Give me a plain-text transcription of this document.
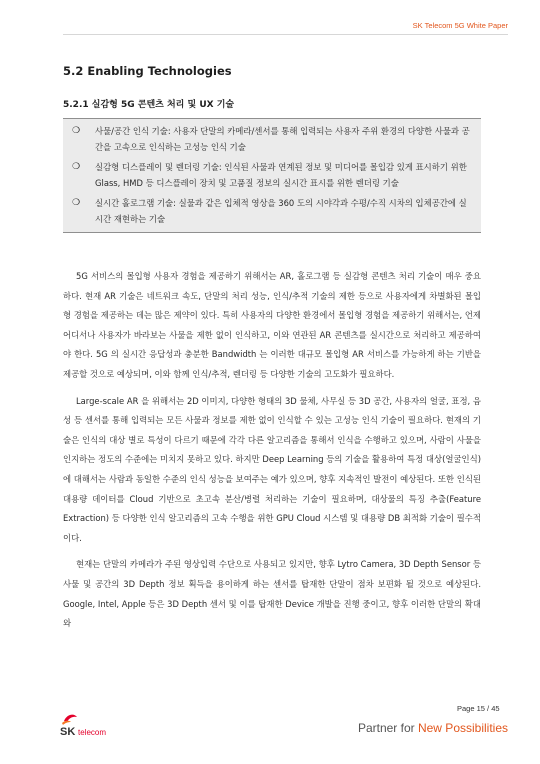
SK Telecom 5G White Paper
5.2 Enabling Technologies
5.2.1 실감형 5G 콘텐츠 처리 및 UX 기술
❍ 사물/공간 인식 기술: 사용자 단말의 카메라/센서를 통해 입력되는 사용자 주위 환경의 다양한 사물과 공간을 고속으로 인식하는 고성능 인식 기술
❍ 실감형 디스플레이 및 렌더링 기술: 인식된 사물과 연계된 정보 및 미디어를 몰입감 있게 표시하기 위한 Glass, HMD 등 디스플레이 장치 및 고품질 정보의 실시간 표시를 위한 렌더링 기술
❍ 실시간 홀로그램 기술: 실물과 같은 입체적 영상을 360 도의 시야각과 수평/수직 시차의 입체공간에 실시간 재현하는 기술

5G 서비스의 몰입형 사용자 경험을 제공하기 위해서는 AR, 홀로그램 등 실감형 콘텐츠 처리 기술이 매우 중요하다. 현재 AR 기술은 네트워크 속도, 단말의 처리 성능, 인식/추적 기술의 제한 등으로 사용자에게 차별화된 몰입형 경험을 제공하는 데는 많은 제약이 있다. 특히 사용자의 다양한 환경에서 몰입형 경험을 제공하기 위해서는, 언제 어디서나 사용자가 바라보는 사물을 제한 없이 인식하고, 이와 연관된 AR 콘텐츠를 실시간으로 처리하고 제공하여야 한다. 5G 의 실시간 응답성과 충분한 Bandwidth 는 이러한 대규모 몰입형 AR 서비스를 가능하게 하는 기반을 제공할 것으로 예상되며, 이와 함께 인식/추적, 렌더링 등 다양한 기술의 고도화가 필요하다.

Large-scale AR 을 위해서는 2D 이미지, 다양한 형태의 3D 물체, 사무실 등 3D 공간, 사용자의 얼굴, 표정, 음성 등 센서를 통해 입력되는 모든 사물과 정보를 제한 없이 인식할 수 있는 고성능 인식 기술이 필요하다. 현재의 기술은 인식의 대상 별로 특성이 다르기 때문에 각각 다른 알고리즘을 통해서 인식을 수행하고 있으며, 사람이 사물을 인지하는 정도의 수준에는 미치지 못하고 있다. 하지만 Deep Learning 등의 기술을 활용하여 특정 대상(얼굴인식)에 대해서는 사람과 동일한 수준의 인식 성능을 보여주는 예가 있으며, 향후 지속적인 발전이 예상된다. 또한 인식된 대용량 데이터를 Cloud 기반으로 초고속 분산/병렬 처리하는 기술이 필요하며, 대상물의 특징 추출(Feature Extraction) 등 다양한 인식 알고리즘의 고속 수행을 위한 GPU Cloud 시스템 및 대용량 DB 최적화 기술이 필수적이다.

현재는 단말의 카메라가 주된 영상입력 수단으로 사용되고 있지만, 향후 Lytro Camera, 3D Depth Sensor 등 사물 및 공간의 3D Depth 정보 획득을 용이하게 하는 센서를 탑재한 단말이 점차 보편화 될 것으로 예상된다. Google, Intel, Apple 등은 3D Depth 센서 및 이를 탑재한 Device 개발을 진행 중이고, 향후 이러한 단말의 확대와

Page 15 / 45
SK telecom	Partner for New Possibilities
